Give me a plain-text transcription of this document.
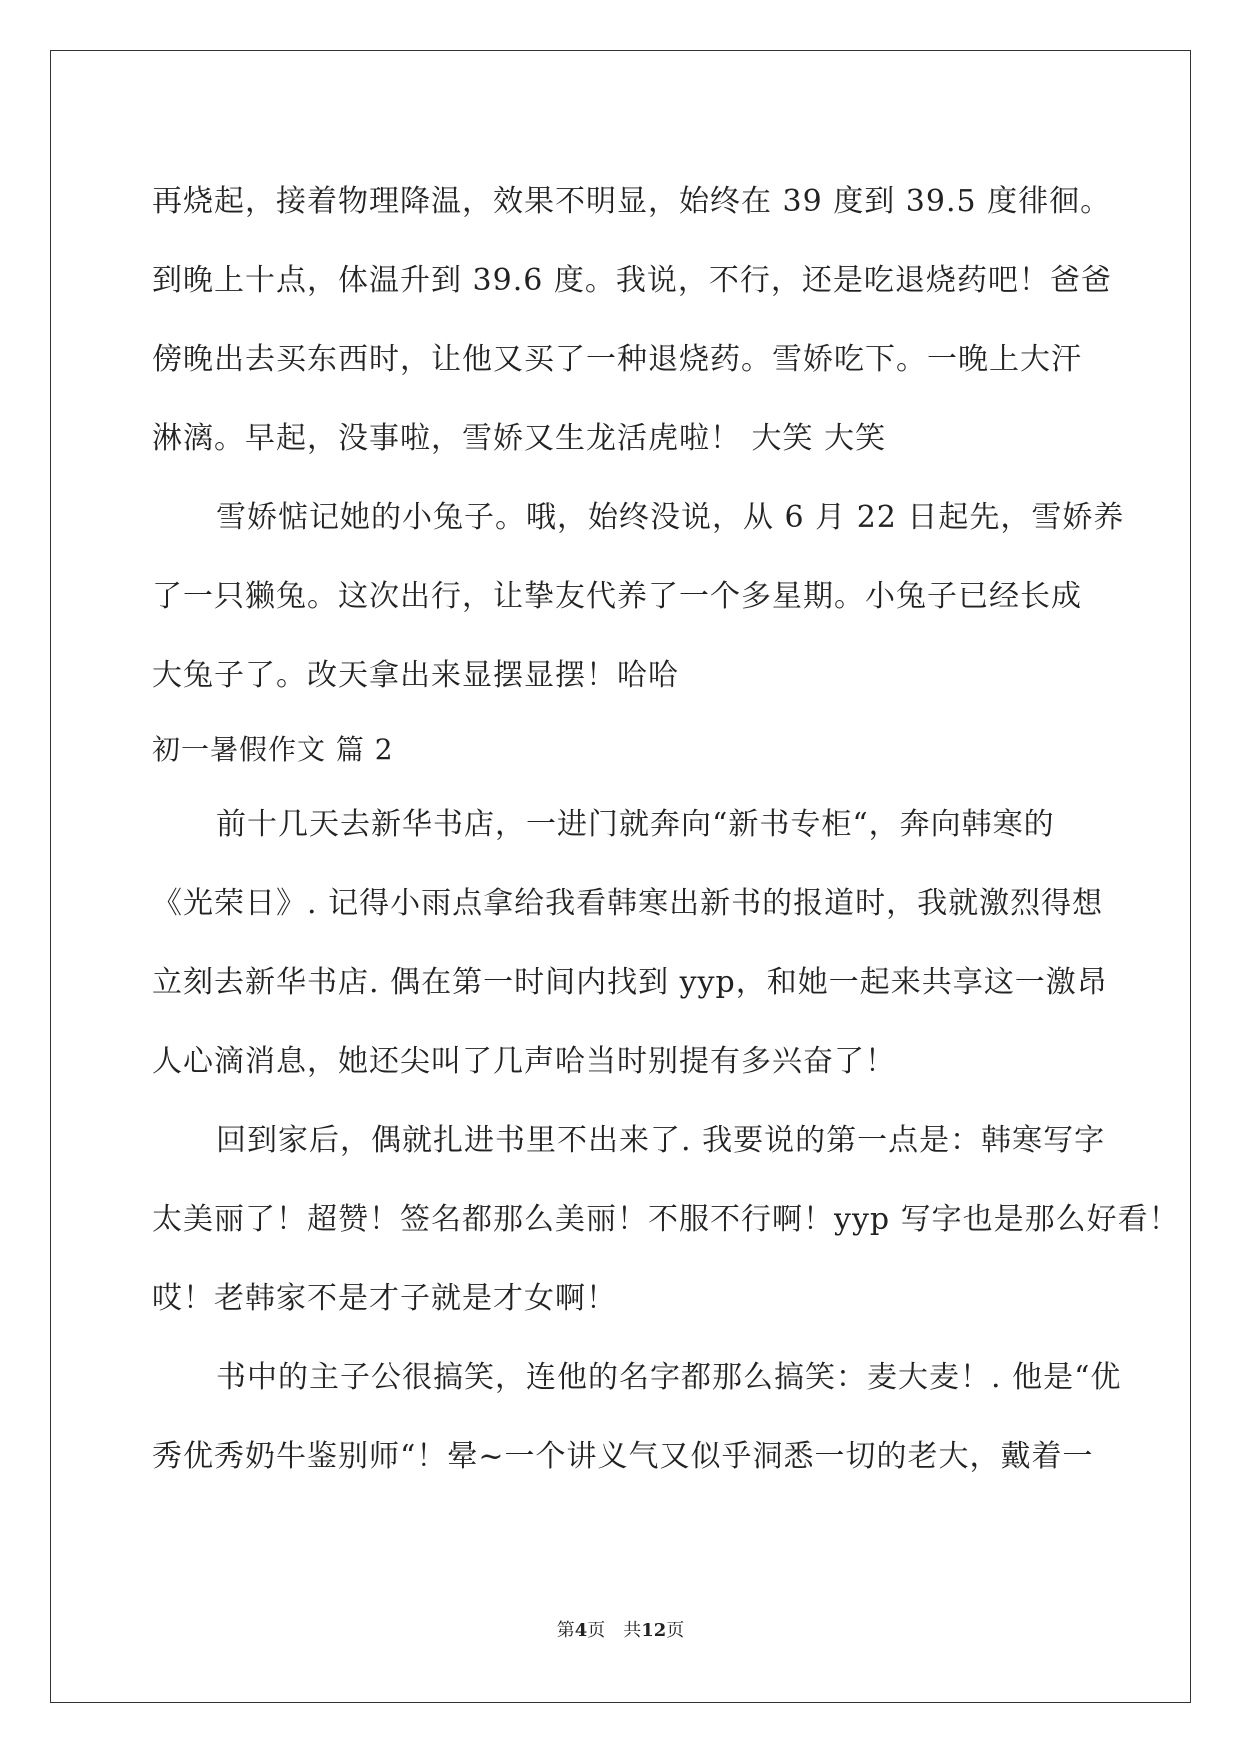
再烧起，接着物理降温，效果不明显，始终在 39 度到 39.5 度徘徊。
到晚上十点，体温升到 39.6 度。我说，不行，还是吃退烧药吧！爸爸
傍晚出去买东西时，让他又买了一种退烧药。雪娇吃下。一晚上大汗
淋漓。早起，没事啦，雪娇又生龙活虎啦！ 大笑 大笑
雪娇惦记她的小兔子。哦，始终没说，从 6 月 22 日起先，雪娇养
了一只獭兔。这次出行，让挚友代养了一个多星期。小兔子已经长成
大兔子了。改天拿出来显摆显摆！哈哈
初一暑假作文 篇 2
前十几天去新华书店，一进门就奔向“新书专柜“，奔向韩寒的
《光荣日》. 记得小雨点拿给我看韩寒出新书的报道时，我就激烈得想
立刻去新华书店. 偶在第一时间内找到 yyp，和她一起来共享这一激昂
人心滴消息，她还尖叫了几声哈当时别提有多兴奋了！
回到家后，偶就扎进书里不出来了. 我要说的第一点是：韩寒写字
太美丽了！超赞！签名都那么美丽！不服不行啊！yyp 写字也是那么好看！
哎！老韩家不是才子就是才女啊！
书中的主子公很搞笑，连他的名字都那么搞笑：麦大麦！. 他是“优
秀优秀奶牛鉴别师“！晕~一个讲义气又似乎洞悉一切的老大，戴着一
第4页　共12页
